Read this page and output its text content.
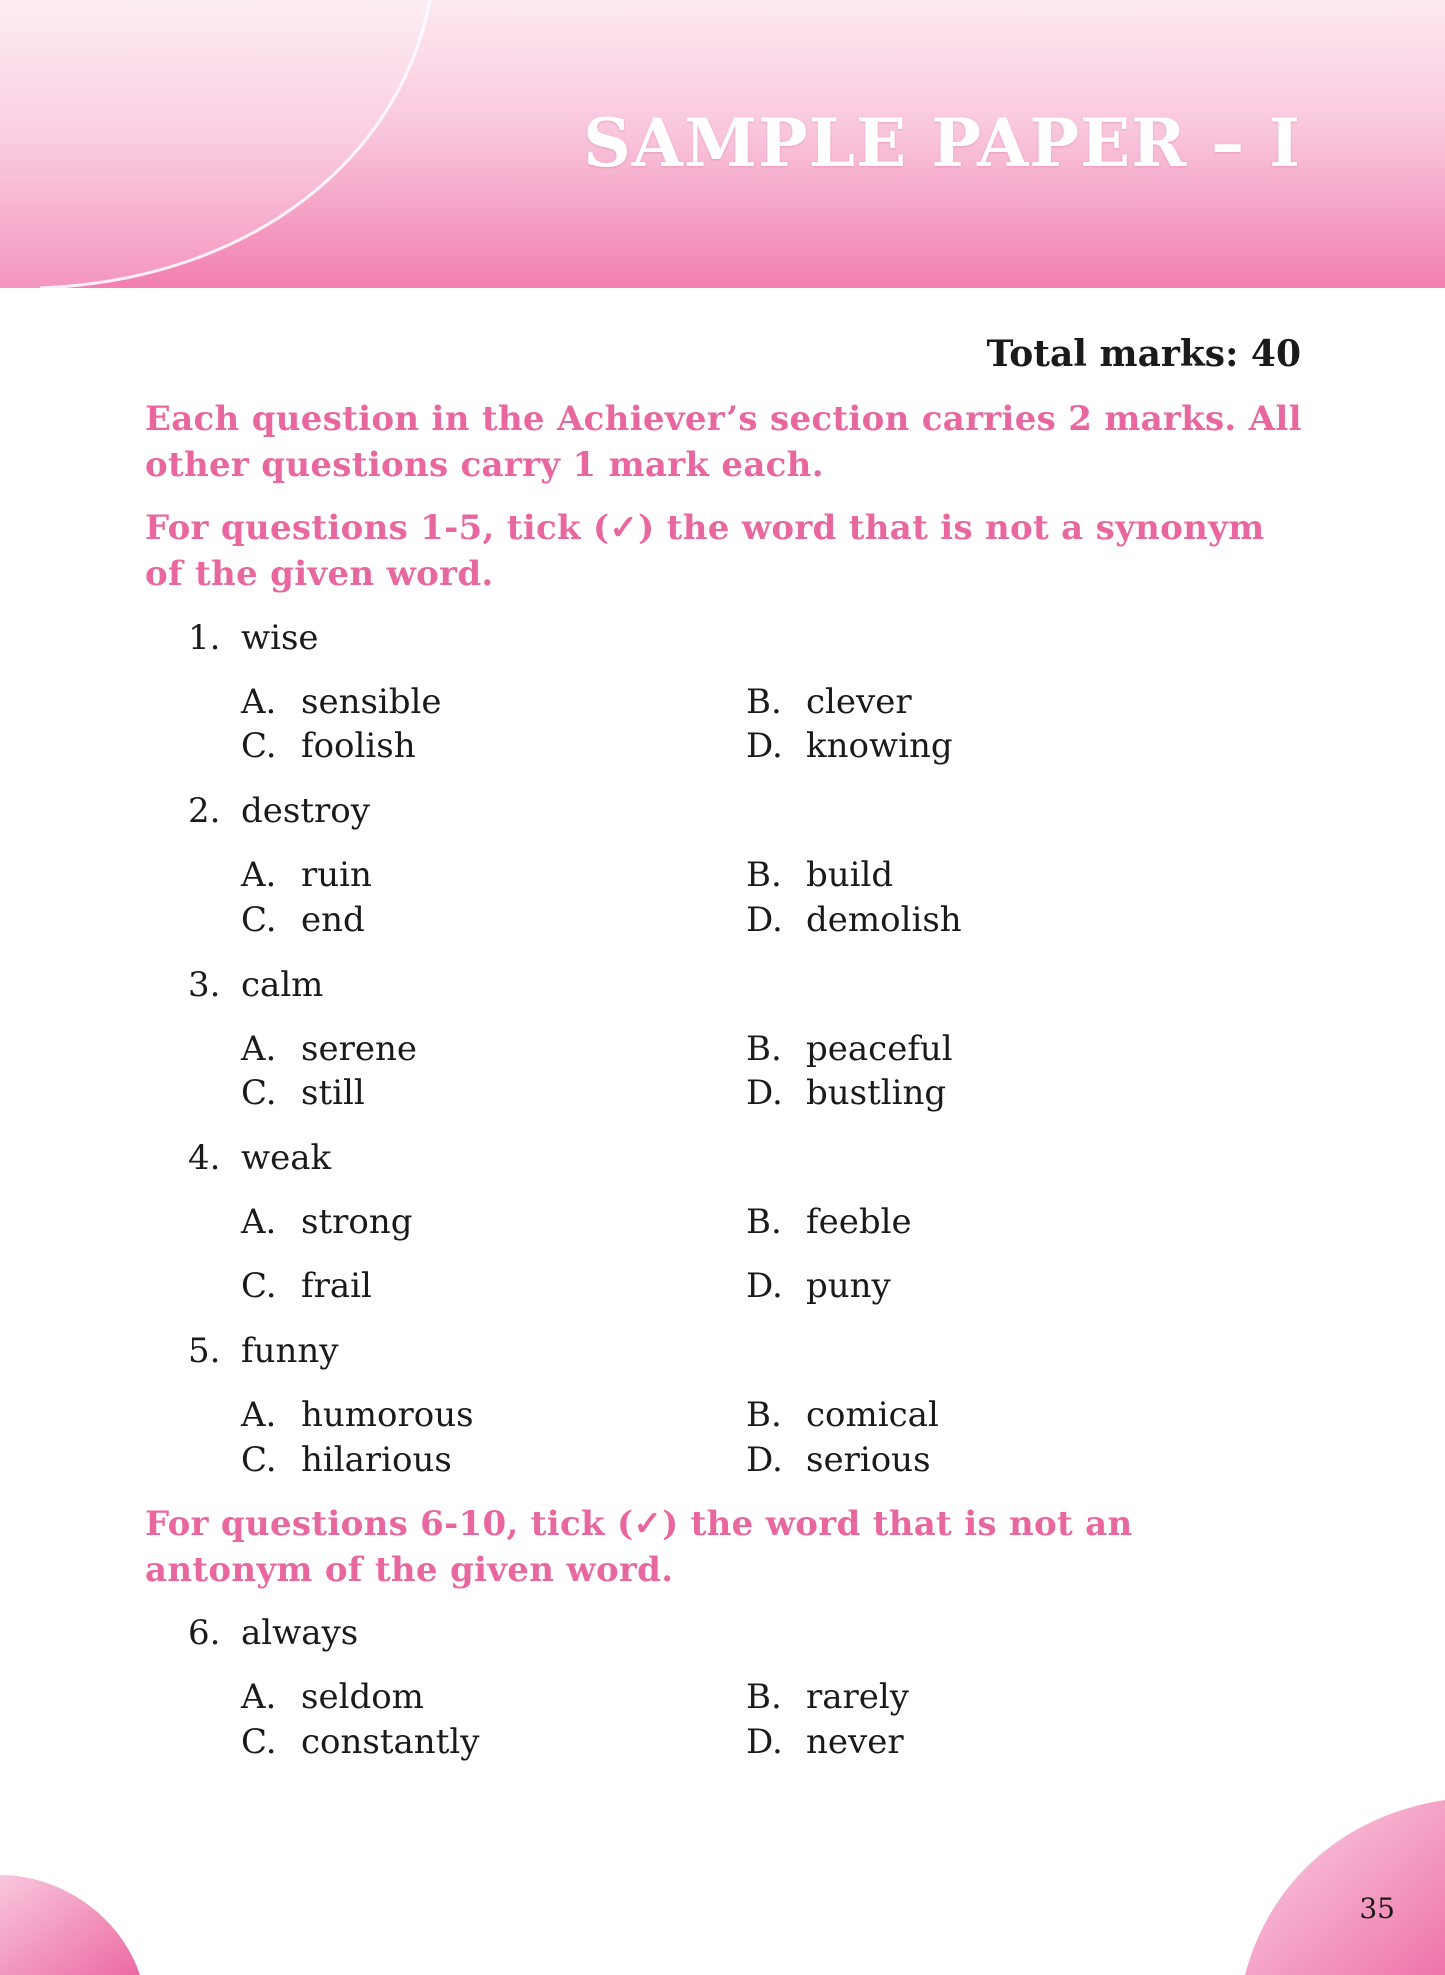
SAMPLE PAPER – I
Total marks: 40
Each question in the Achiever’s section carries 2 marks. All other questions carry 1 mark each.
For questions 1-5, tick (✓) the word that is not a synonym of the given word.
1. wise
A. sensible	B. clever
C. foolish	D. knowing
2. destroy
A. ruin	B. build
C. end	D. demolish
3. calm
A. serene	B. peaceful
C. still	D. bustling
4. weak
A. strong	B. feeble
C. frail	D. puny
5. funny
A. humorous	B. comical
C. hilarious	D. serious
For questions 6-10, tick (✓) the word that is not an antonym of the given word.
6. always
A. seldom	B. rarely
C. constantly	D. never
35
